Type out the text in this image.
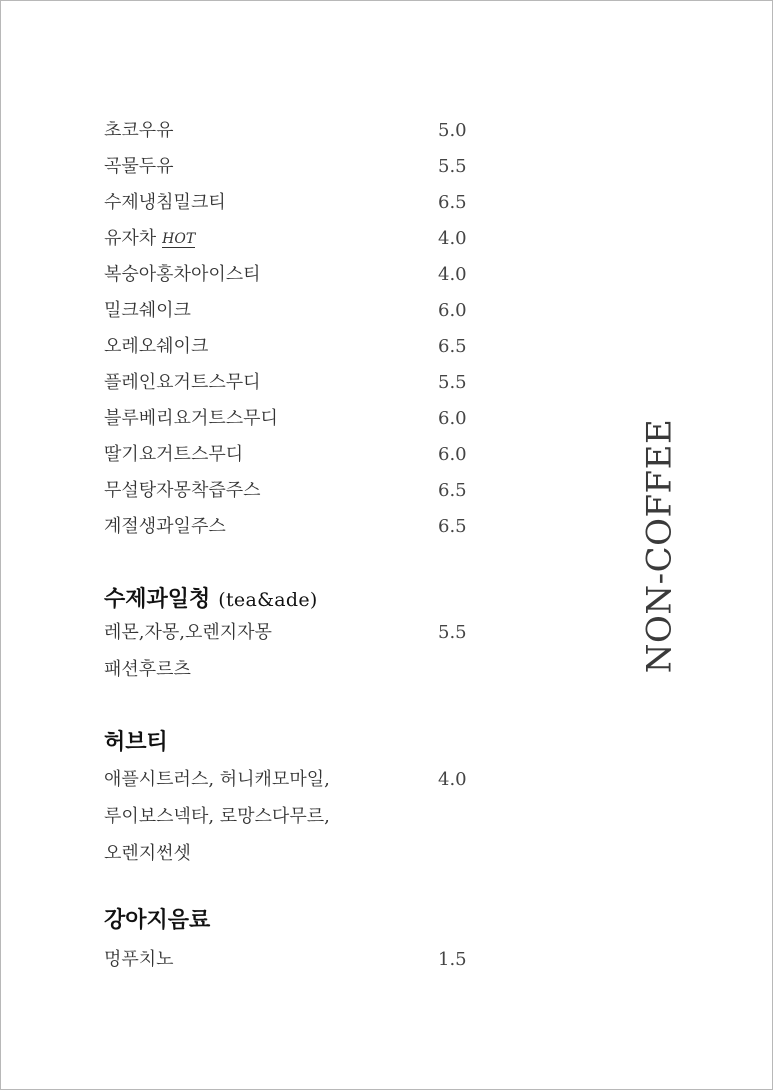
초코우유	5.0
곡물두유	5.5
수제냉침밀크티	6.5
유자차 HOT	4.0
복숭아홍차아이스티	4.0
밀크쉐이크	6.0
오레오쉐이크	6.5
플레인요거트스무디	5.5
블루베리요거트스무디	6.0
딸기요거트스무디	6.0
무설탕자몽착즙주스	6.5
계절생과일주스	6.5
수제과일청 (tea&ade)
레몬,자몽,오렌지자몽	5.5
패션후르츠
허브티
애플시트러스, 허니캐모마일,	4.0
루이보스넥타, 로망스다무르,
오렌지썬셋
강아지음료
멍푸치노	1.5
NON-COFFEE
